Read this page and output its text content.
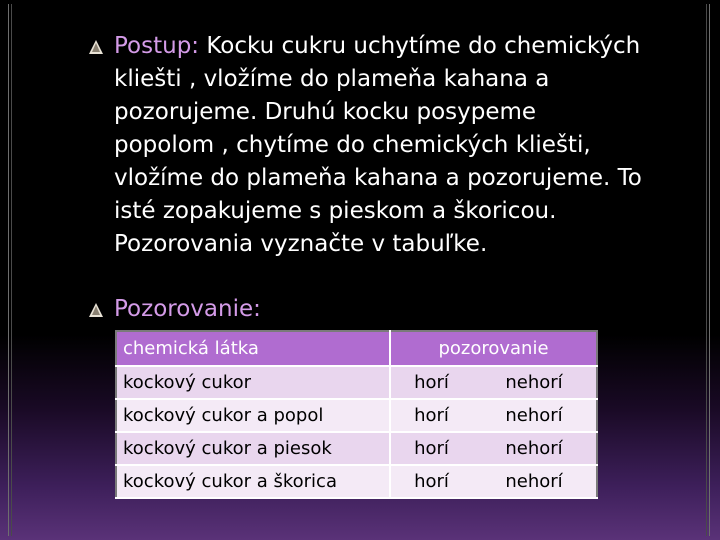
Postup: Kocku cukru uchytíme do chemických
kliešti , vložíme do plameňa kahana a
pozorujeme. Druhú kocku posypeme
popolom , chytíme do chemických kliešti,
vložíme do plameňa kahana a pozorujeme. To
isté zopakujeme s pieskom a škoricou.
Pozorovania vyznačte v tabuľke.
Pozorovanie:
chemická látka	pozorovanie	
kockový cukor	horí	nehorí
kockový cukor a popol	horí	nehorí
kockový cukor a piesok	horí	nehorí
kockový cukor a škorica	horí	nehorí
